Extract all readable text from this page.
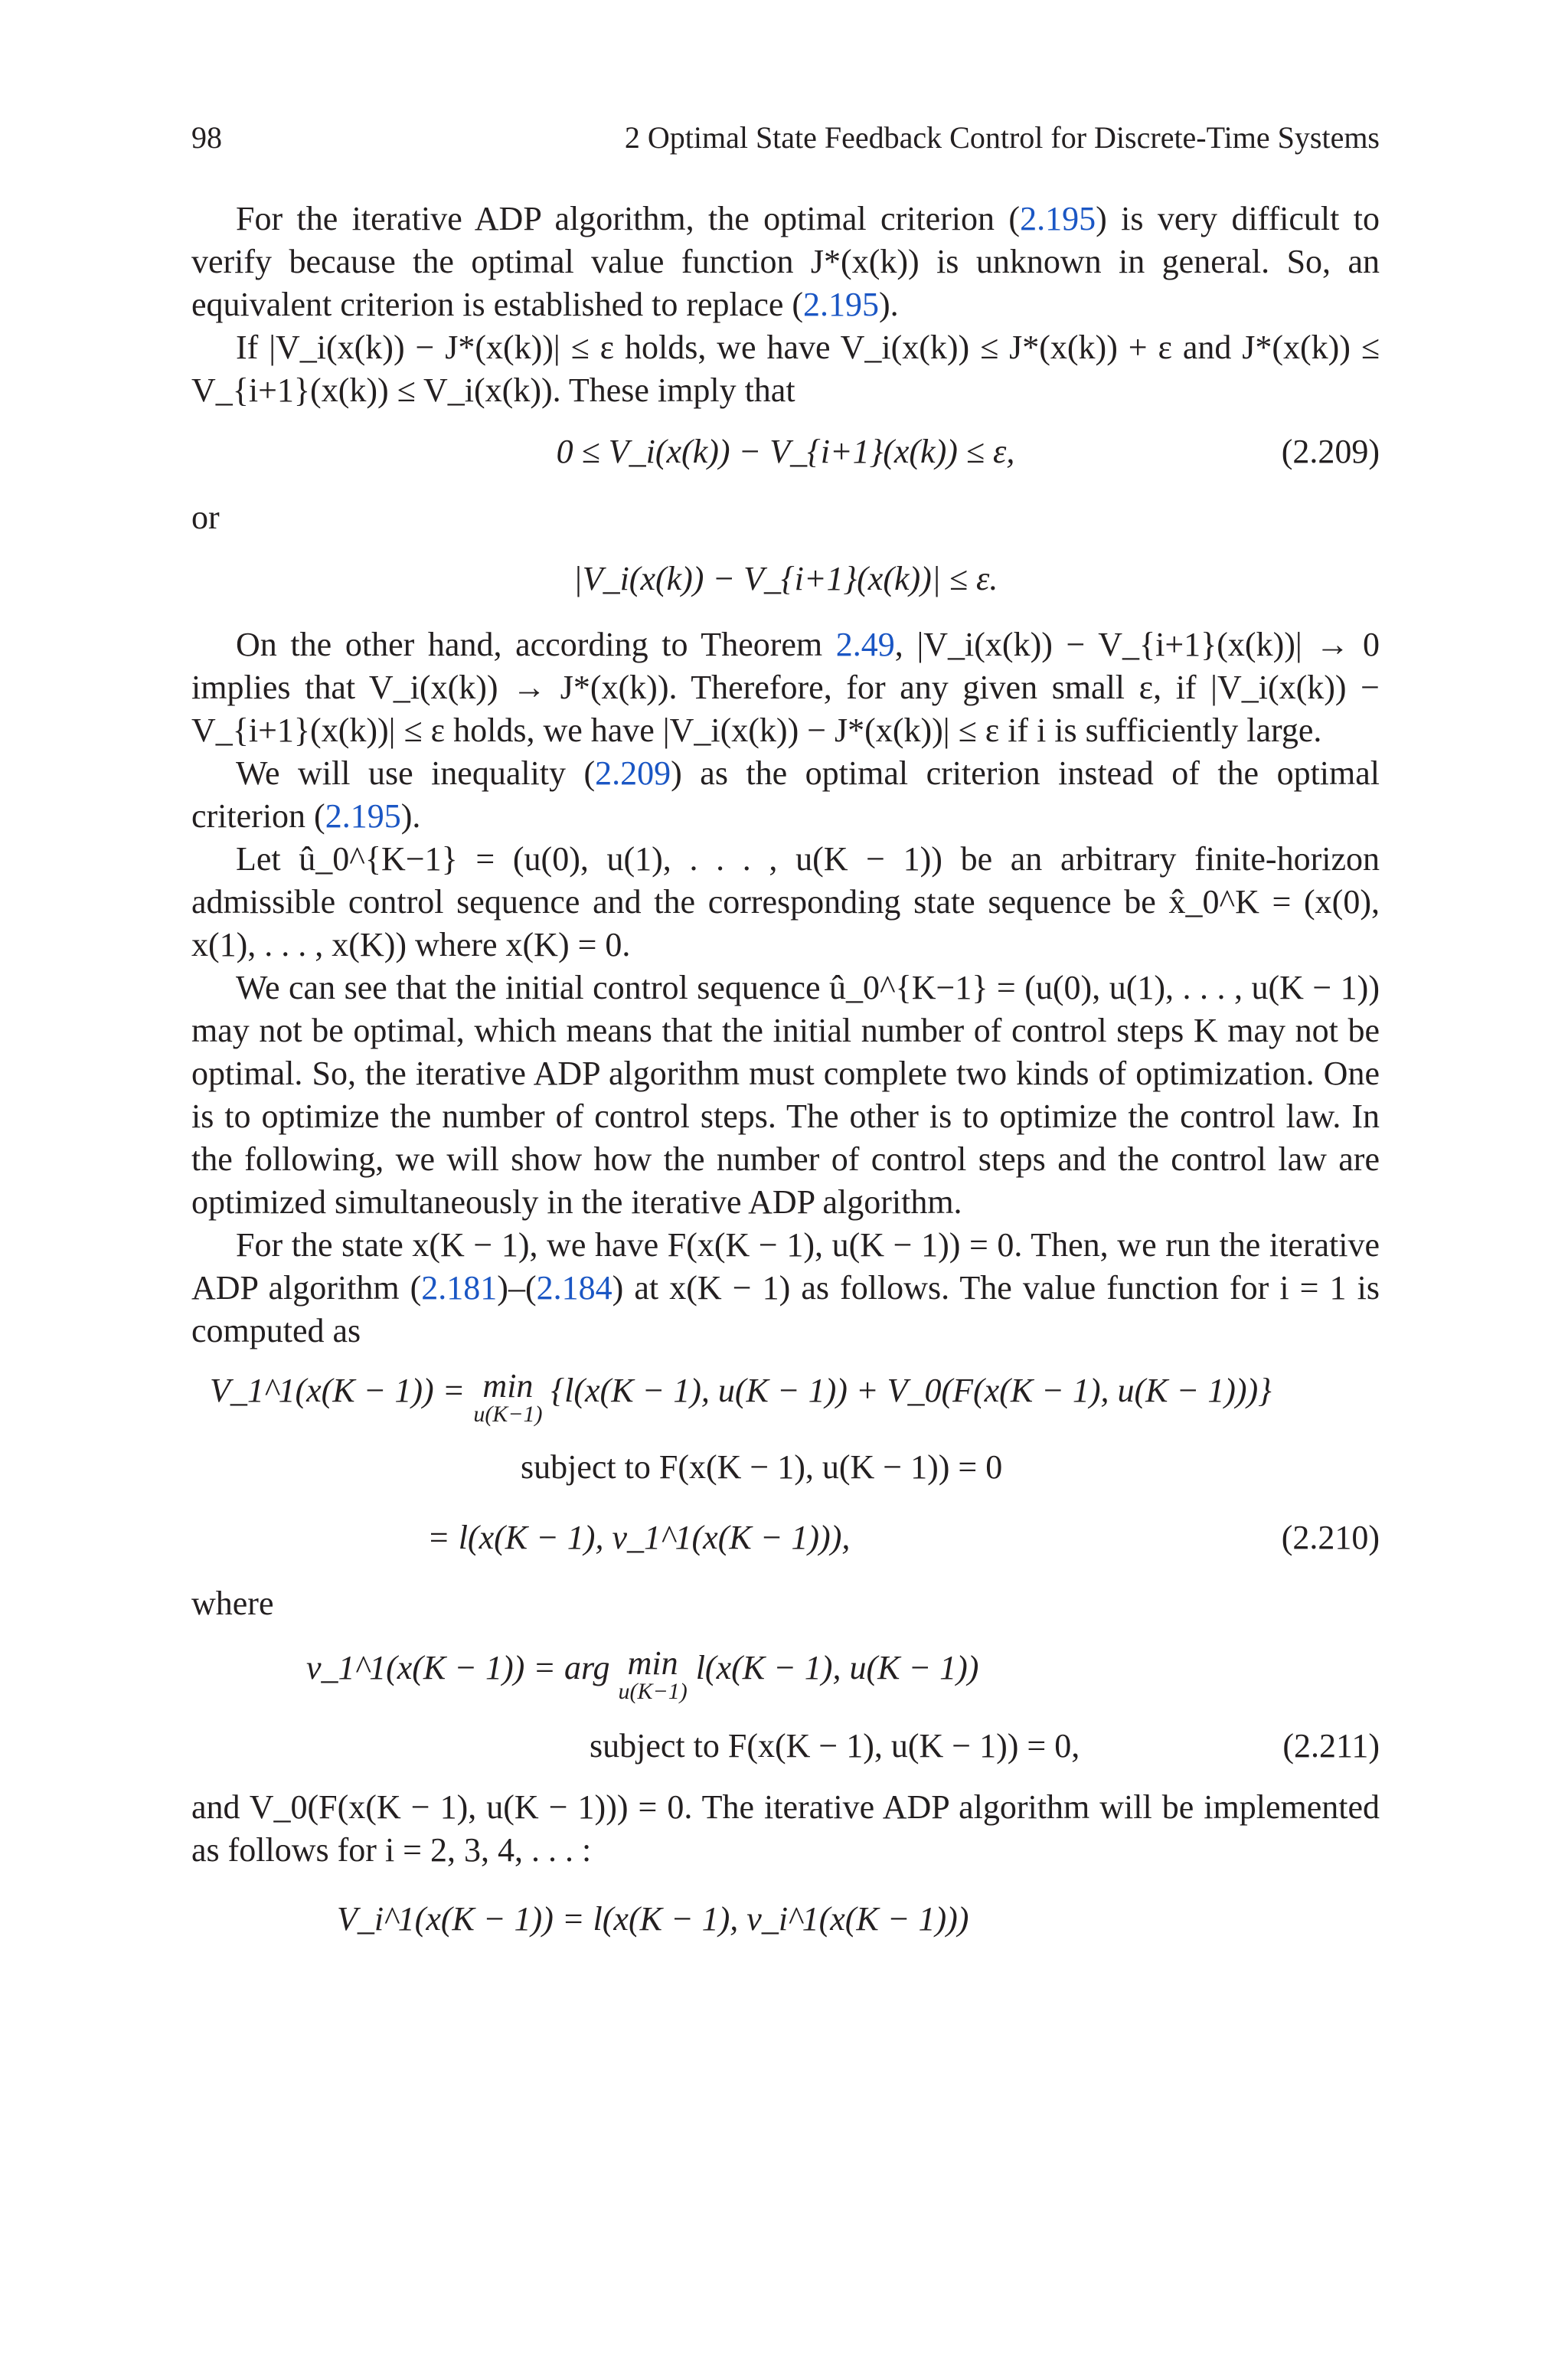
98	2 Optimal State Feedback Control for Discrete-Time Systems

For the iterative ADP algorithm, the optimal criterion (2.195) is very difficult to verify because the optimal value function J*(x(k)) is unknown in general. So, an equivalent criterion is established to replace (2.195).

If |V_i(x(k)) − J*(x(k))| ≤ ε holds, we have V_i(x(k)) ≤ J*(x(k)) + ε and J*(x(k)) ≤ V_{i+1}(x(k)) ≤ V_i(x(k)). These imply that

0 ≤ V_i(x(k)) − V_{i+1}(x(k)) ≤ ε,	(2.209)

or

|V_i(x(k)) − V_{i+1}(x(k))| ≤ ε.

On the other hand, according to Theorem 2.49, |V_i(x(k)) − V_{i+1}(x(k))| → 0 implies that V_i(x(k)) → J*(x(k)). Therefore, for any given small ε, if |V_i(x(k)) − V_{i+1}(x(k))| ≤ ε holds, we have |V_i(x(k)) − J*(x(k))| ≤ ε if i is sufficiently large.

We will use inequality (2.209) as the optimal criterion instead of the optimal criterion (2.195).

Let û_0^{K−1} = (u(0), u(1), . . . , u(K − 1)) be an arbitrary finite-horizon admissible control sequence and the corresponding state sequence be x̂_0^K = (x(0), x(1), . . . , x(K)) where x(K) = 0.

We can see that the initial control sequence û_0^{K−1} = (u(0), u(1), . . . , u(K − 1)) may not be optimal, which means that the initial number of control steps K may not be optimal. So, the iterative ADP algorithm must complete two kinds of optimization. One is to optimize the number of control steps. The other is to optimize the control law. In the following, we will show how the number of control steps and the control law are optimized simultaneously in the iterative ADP algorithm.

For the state x(K − 1), we have F(x(K − 1), u(K − 1)) = 0. Then, we run the iterative ADP algorithm (2.181)–(2.184) at x(K − 1) as follows. The value function for i = 1 is computed as

V_1^1(x(K − 1)) = min
u(K−1)
{l(x(K − 1), u(K − 1)) + V_0(F(x(K − 1), u(K − 1)))}
subject to F(x(K − 1), u(K − 1)) = 0
= l(x(K − 1), v_1^1(x(K − 1))),	(2.210)

where

v_1^1(x(K − 1)) = arg min
u(K−1)
l(x(K − 1), u(K − 1))
subject to F(x(K − 1), u(K − 1)) = 0,	(2.211)

and V_0(F(x(K − 1), u(K − 1))) = 0. The iterative ADP algorithm will be implemented as follows for i = 2, 3, 4, . . . :

V_i^1(x(K − 1)) = l(x(K − 1), v_i^1(x(K − 1)))
